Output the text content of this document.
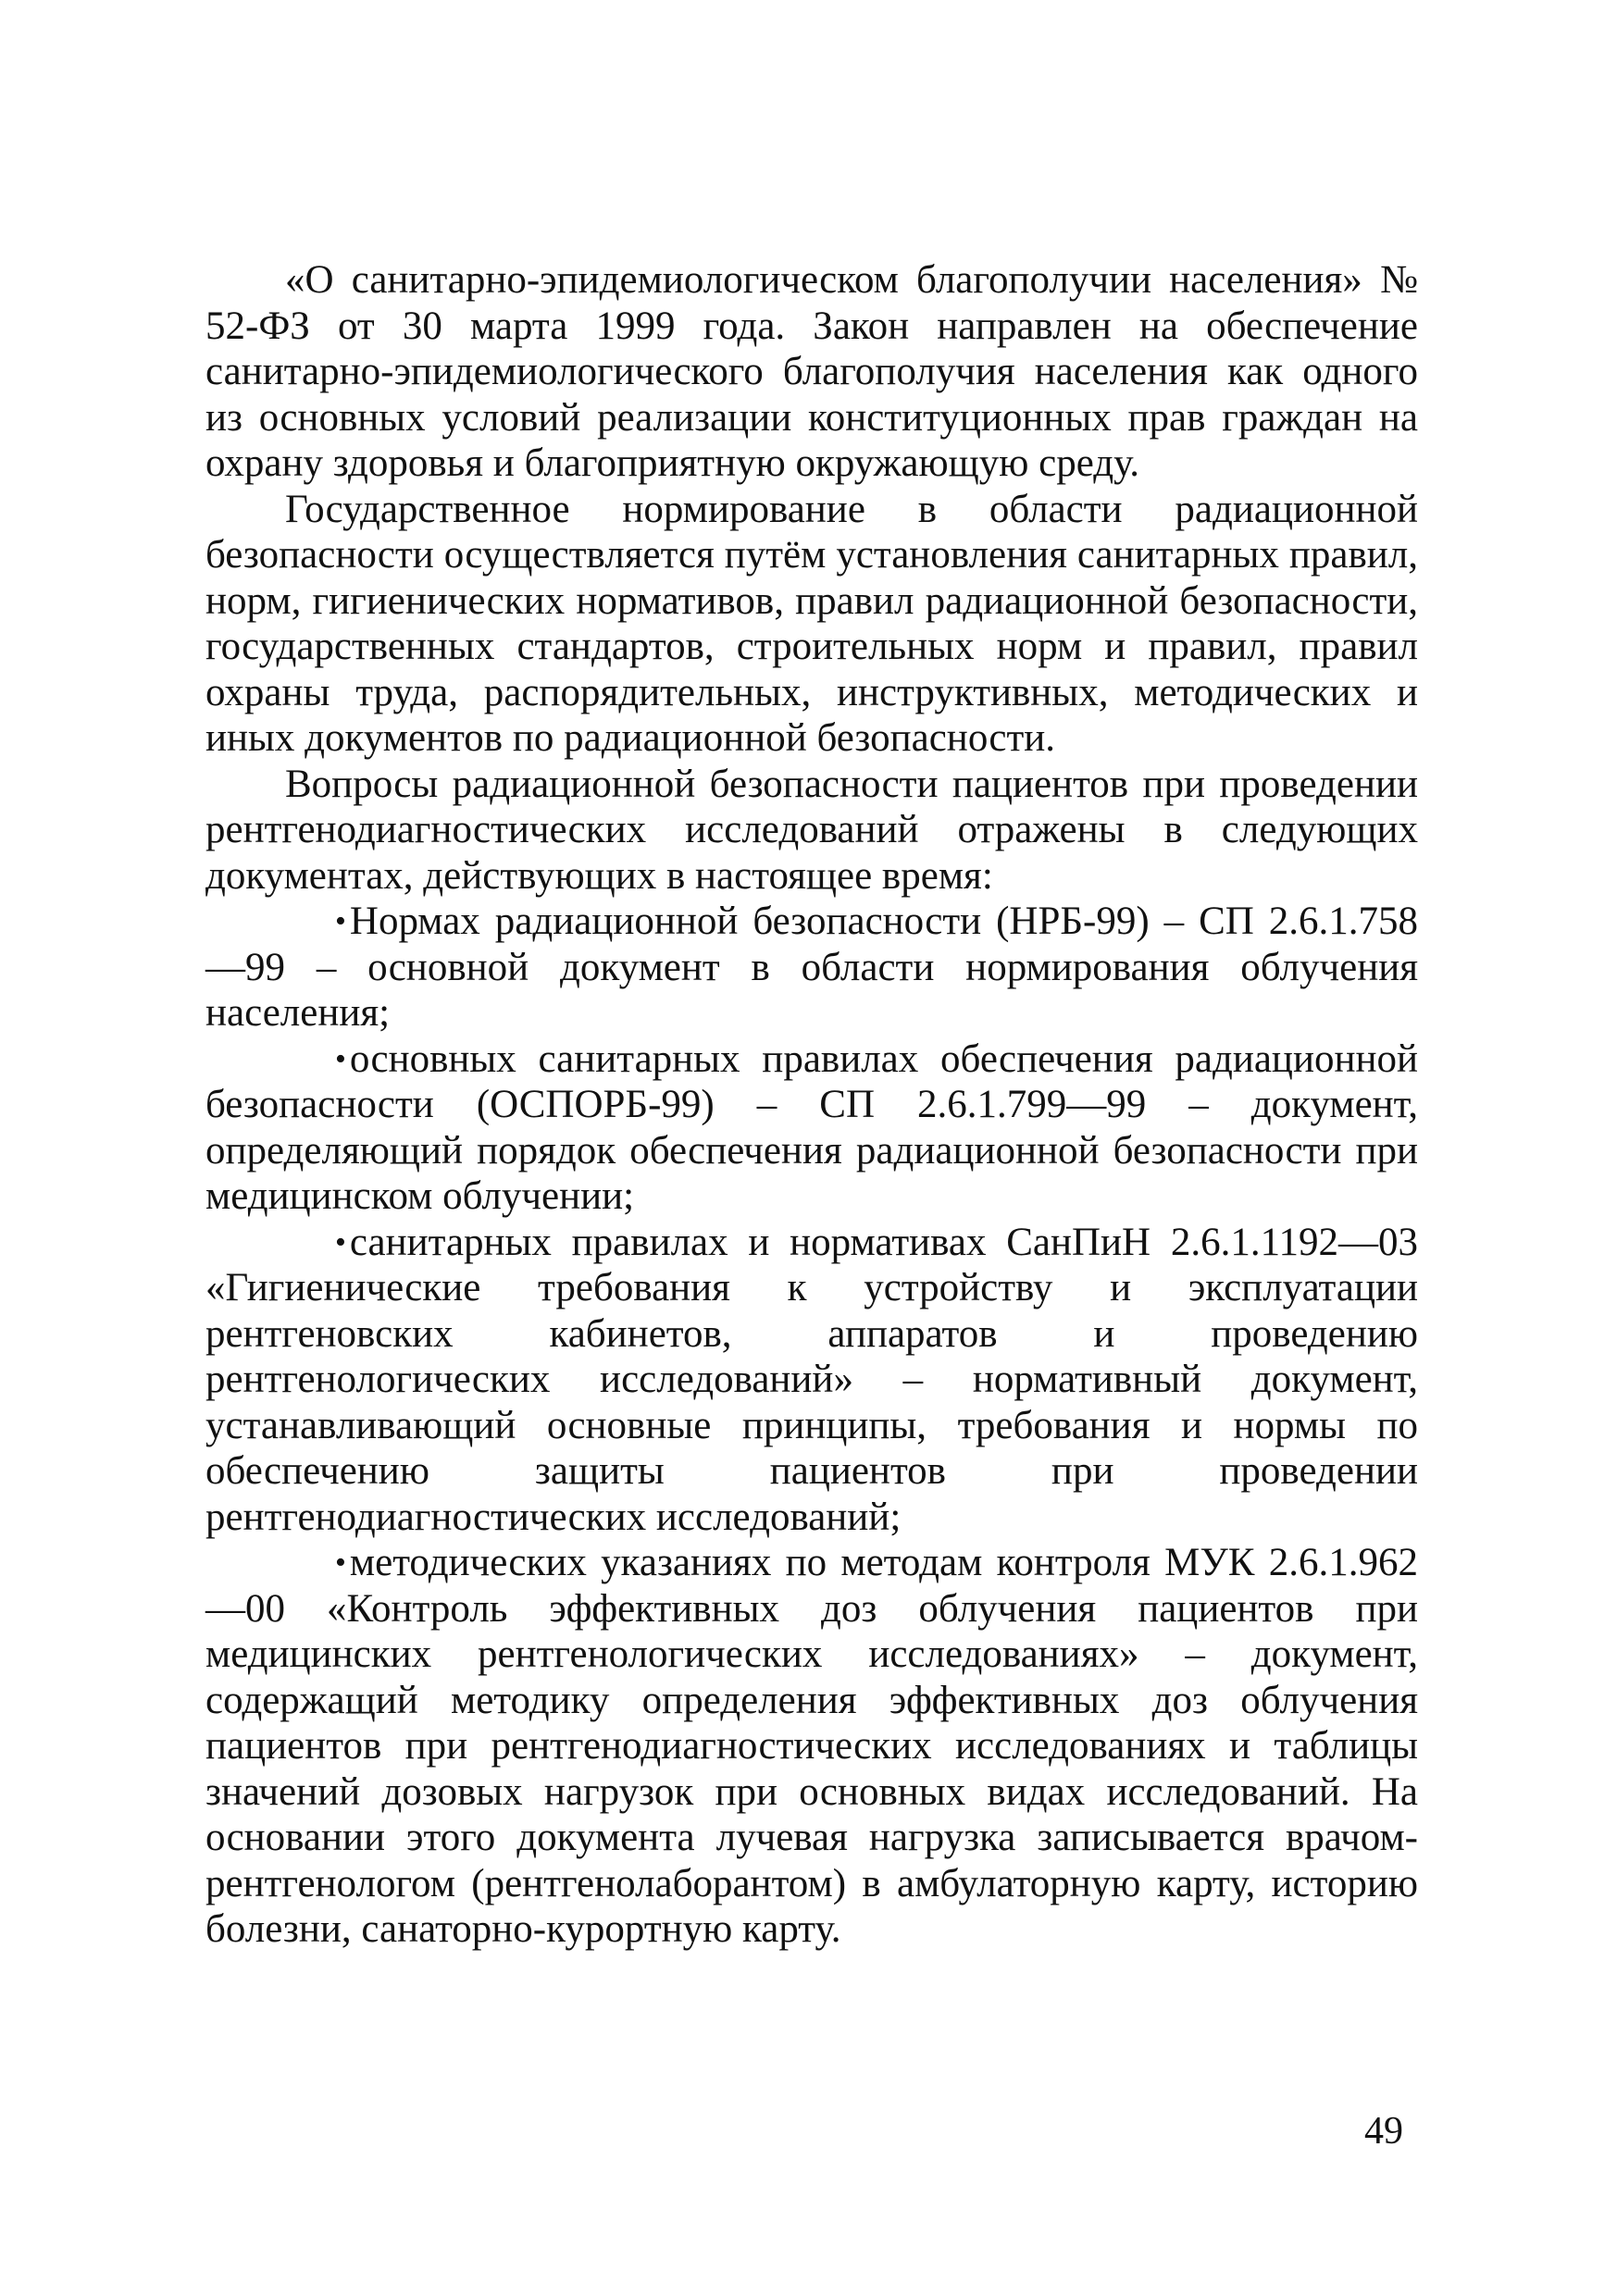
«О санитарно-эпидемиологическом благополучии населения» № 52-ФЗ от 30 марта 1999 года. Закон направлен на обеспечение санитарно-эпидемиологического благополучия населения как одного из основных условий реализации конституционных прав граждан на охрану здоровья и благоприятную окружающую среду.

Государственное нормирование в области радиационной безопасности осуществляется путём установления санитарных правил, норм, гигиенических нормативов, правил радиационной безопасности, государственных стандартов, строительных норм и правил, правил охраны труда, распорядительных, инструктивных, методических и иных документов по радиационной безопасности.

Вопросы радиационной безопасности пациентов при проведении рентгенодиагностических исследований отражены в следующих документах, действующих в настоящее время:

•Нормах радиационной безопасности (НРБ-99) – СП 2.6.1.758—99 – основной документ в области нормирования облучения населения;

•основных санитарных правилах обеспечения радиационной безопасности (ОСПОРБ-99) – СП 2.6.1.799—99 – документ, определяющий порядок обеспечения радиационной безопасности при медицинском облучении;

•санитарных правилах и нормативах СанПиН 2.6.1.1192—03 «Гигиенические требования к устройству и эксплуатации рентгеновских кабинетов, аппаратов и проведению рентгенологических исследований» – нормативный документ, устанавливающий основные принципы, требования и нормы по обеспечению защиты пациентов при проведении рентгенодиагностических исследований;

•методических указаниях по методам контроля МУК 2.6.1.962—00 «Контроль эффективных доз облучения пациентов при медицинских рентгенологических исследованиях» – документ, содержащий методику определения эффективных доз облучения пациентов при рентгенодиагностических исследованиях и таблицы значений дозовых нагрузок при основных видах исследований. На основании этого документа лучевая нагрузка записывается врачом-рентгенологом (рентгенолаборантом) в амбулаторную карту, историю болезни, санаторно-курортную карту.

49
